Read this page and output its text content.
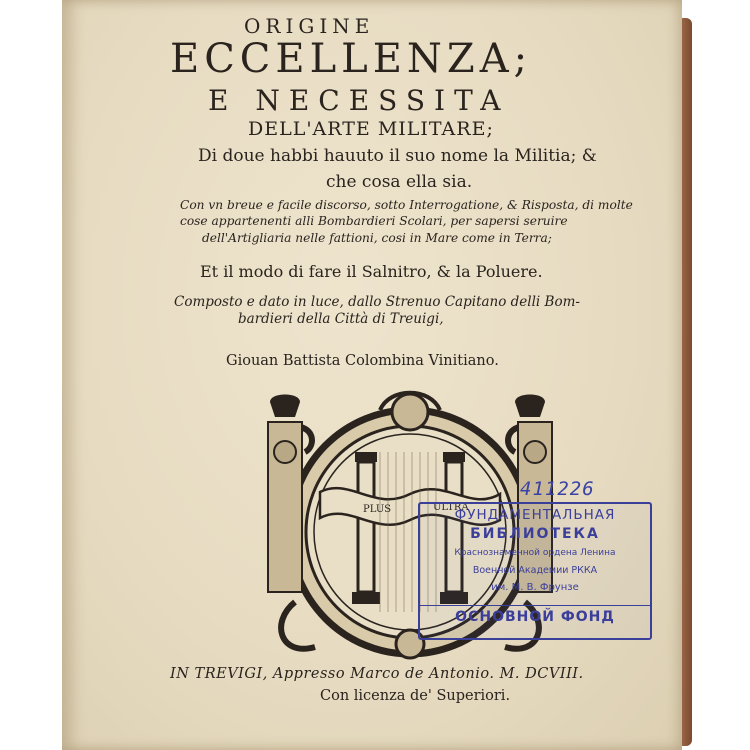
ORIGINE
ECCELLENZA;
E NECESSITA
DELL'ARTE MILITARE;
Di doue habbi hauuto il suo nome la Militia; &
che cosa ella sia.
Con vn breue e facile discorso, sotto Interrogatione, & Risposta, di molte
cose appartenenti alli Bombardieri Scolari, per sapersi seruire
dell'Artigliaria nelle fattioni, cosi in Mare come in Terra;
Et il modo di fare il Salnitro, & la Poluere.
Composto e dato in luce, dallo Strenuo Capitano delli Bom-
bardieri della Città di Treuigi,
Giouan Battista Colombina Vinitiano.
PLUS	ULTRA
IN TREVIGI, Appresso Marco de Antonio. M. DCVIII.
Con licenza de' Superiori.
411226
ФУНДАМЕНТАЛЬНАЯ
БИБЛИОТЕКА
Краснознаменной ордена Ленина
Военной Академии РККА
им. М. В. Фрунзе
ОСНОВНОЙ ФОНД
